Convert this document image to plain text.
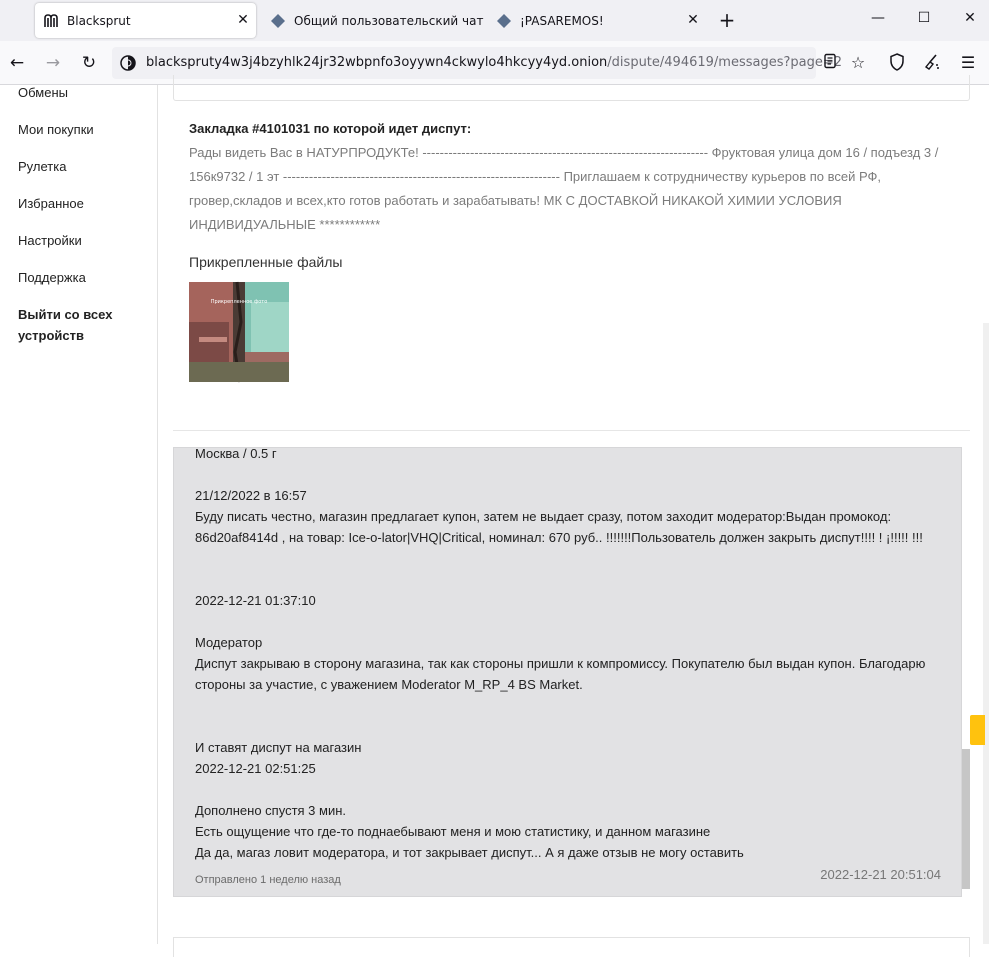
Blacksprut	✕	Общий пользовательский чат	¡PASAREMOS!	✕ +	—	☐	✕
← → ↻	blacksprutу4w3j4bzyhlk24jr32wbpnfo3oyywn4ckwylo4hkcyy4yd.onion/dispute/494619/messages?page=2 ☆	☰
Обмены
Мои покупки
Рулетка
Избранное
Настройки
Поддержка
Выйти со всех устройств
Закладка #4101031 по которой идет диспут:
Рады видеть Вас в НАТУРПРОДУКТе! ------------------------------------------------------------------ Фруктовая улица дом 16 / подъезд 3 / 156к9732 / 1 эт ---------------------------------------------------------------- Приглашаем к сотрудничеству курьеров по всей РФ, гровер,складов и всех,кто готов работать и зарабатывать! МК С ДОСТАВКОЙ НИКАКОЙ ХИМИИ УСЛОВИЯ ИНДИВИДУАЛЬНЫЕ ************
Прикрепленные файлы
Прикрепленное фото
Москва / 0.5 г
21/12/2022 в 16:57
Буду писать честно, магазин предлагает купон, затем не выдает сразу, потом заходит модератор:Выдан промокод: 86d20af8414d , на товар: Ice-o-lator|VHQ|Critical, номинал: 670 руб.. !!!!!!!Пользователь должен закрыть диспут!!!! ! ¡!!!!! !!!
2022-12-21 01:37:10
Модератор
Диспут закрываю в сторону магазина, так как стороны пришли к компромиссу. Покупателю был выдан купон. Благодарю стороны за участие, с уважением Moderator M_RP_4 BS Market.
И ставят диспут на магазин
2022-12-21 02:51:25
Дополнено спустя 3 мин.
Есть ощущение что где-то поднаебывают меня и мою статистику, и данном магазине
Да да, магаз ловит модератора, и тот закрывает диспут... А я даже отзыв не могу оставить
Отправлено 1 неделю назад	2022-12-21 20:51:04
